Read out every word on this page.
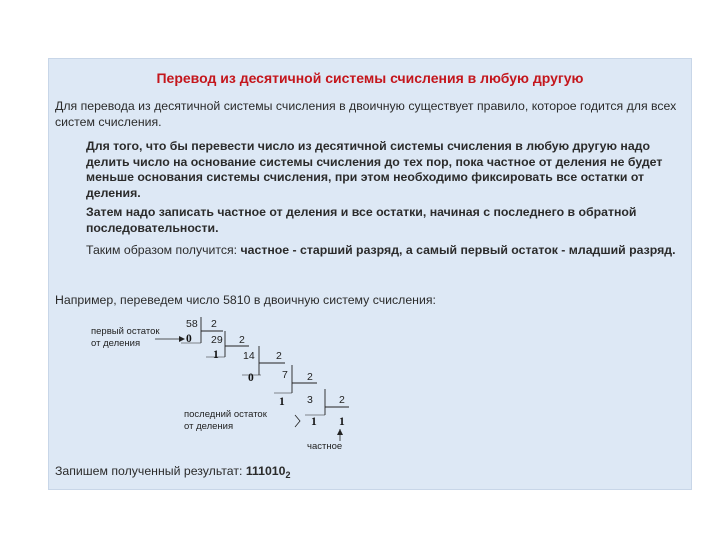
Перевод из десятичной системы счисления в любую другую
Для перевода из десятичной системы счисления в двоичную существует правило, которое годится для всех систем счисления.
Для того, что бы перевести число из десятичной системы счисления в любую другую надо делить число на основание системы счисления до тех пор, пока частное от деления не будет меньше основания системы счисления, при этом необходимо фиксировать все остатки от деления.
Затем надо записать частное от деления и все остатки, начиная с последнего в обратной последовательности.
Таким образом получится: частное - старший разряд, а самый первый остаток - младший разряд.
Например, переведем число 5810 в двоичную систему счисления:
первый остаток
от деления
58 2
0 29 2
1 14 2
0	7 2
1 3 2
1 1
последний остаток
от деления
частное
Запишем полученный результат: $111010_2$
